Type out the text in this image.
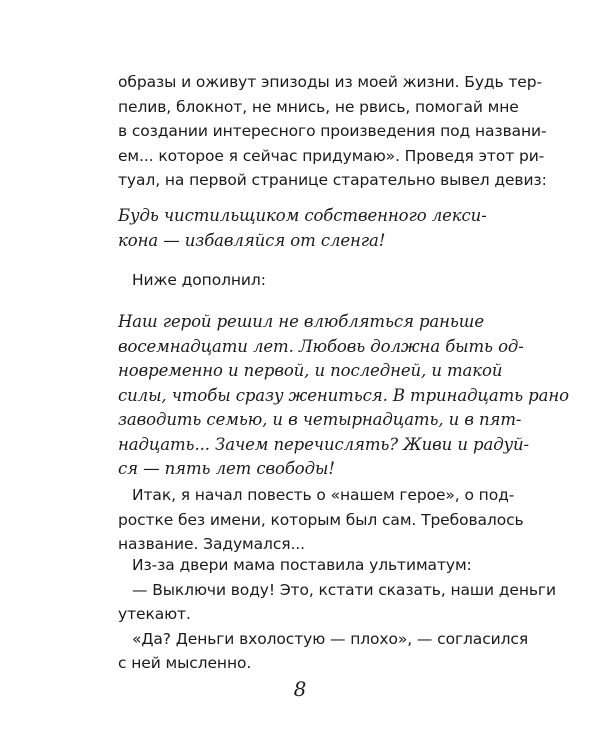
образы и оживут эпизоды из моей жизни. Будь тер-
пелив, блокнот, не мнись, не рвись, помогай мне
в создании интересного произведения под названи-
ем... которое я сейчас придумаю». Проведя этот ри-
туал, на первой странице старательно вывел девиз:
Будь чистильщиком собственного лекси-
кона — избавляйся от сленга!
Ниже дополнил:
Наш герой решил не влюбляться раньше
восемнадцати лет. Любовь должна быть од-
новременно и первой, и последней, и такой
силы, чтобы сразу жениться. В тринадцать рано
заводить семью, и в четырнадцать, и в пят-
надцать... Зачем перечислять? Живи и радуй-
ся — пять лет свободы!
Итак, я начал повесть о «нашем герое», о под-
ростке без имени, которым был сам. Требовалось
название. Задумался...
Из-за двери мама поставила ультиматум:
— Выключи воду! Это, кстати сказать, наши деньги
утекают.
«Да? Деньги вхолостую — плохо», — согласился
с ней мысленно.
8
